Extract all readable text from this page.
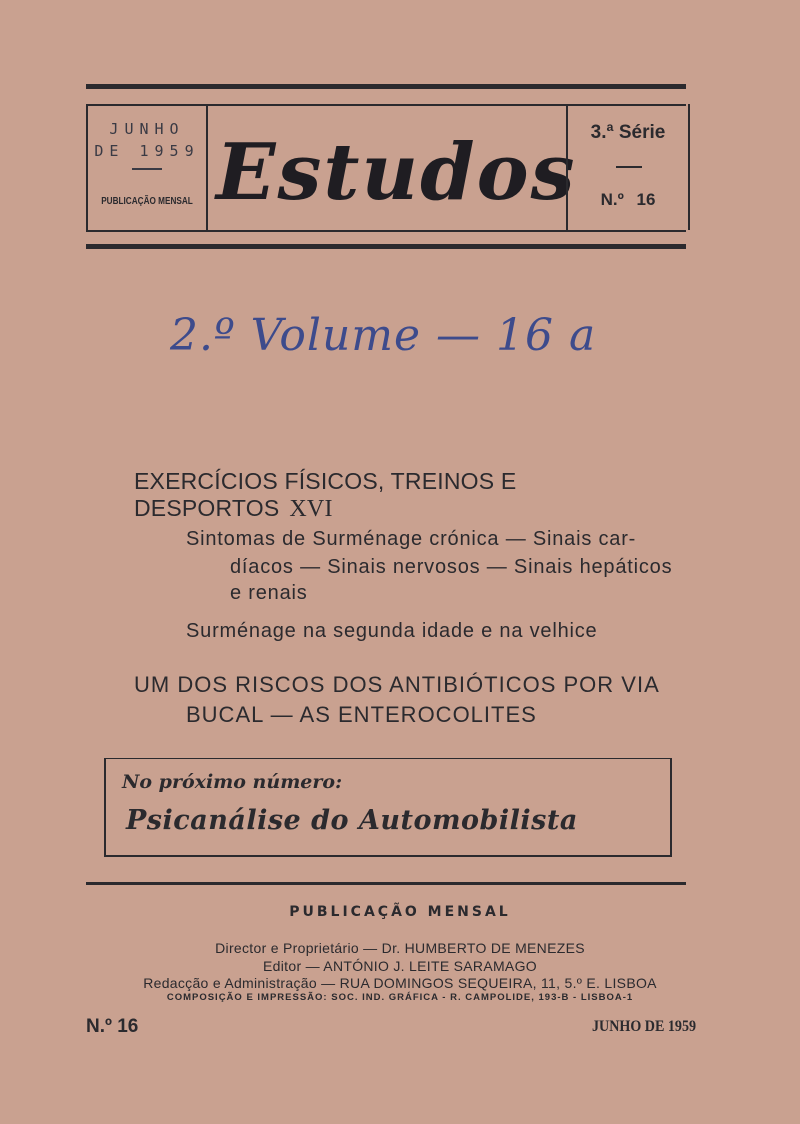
JUNHO
DE 1959
PUBLICAÇÃO MENSAL Estudos 3.ª Série
N.º 16
2.º Volume — 16 a
EXERCÍCIOS FÍSICOS, TREINOS E DESPORTOS XVI
Sintomas de Surménage crónica — Sinais car-
díacos — Sinais nervosos — Sinais hepáticos
e renais
Surménage na segunda idade e na velhice
UM DOS RISCOS DOS ANTIBIÓTICOS POR VIA
BUCAL — AS ENTEROCOLITES
No próximo número:
Psicanálise do Automobilista
PUBLICAÇÃO MENSAL
Director e Proprietário — Dr. HUMBERTO DE MENEZES
Editor — ANTÓNIO J. LEITE SARAMAGO
Redacção e Administração — RUA DOMINGOS SEQUEIRA, 11, 5.º E. LISBOA
COMPOSIÇÃO E IMPRESSÃO: SOC. IND. GRÁFICA - R. CAMPOLIDE, 193-B - LISBOA-1
N.º 16	JUNHO DE 1959
